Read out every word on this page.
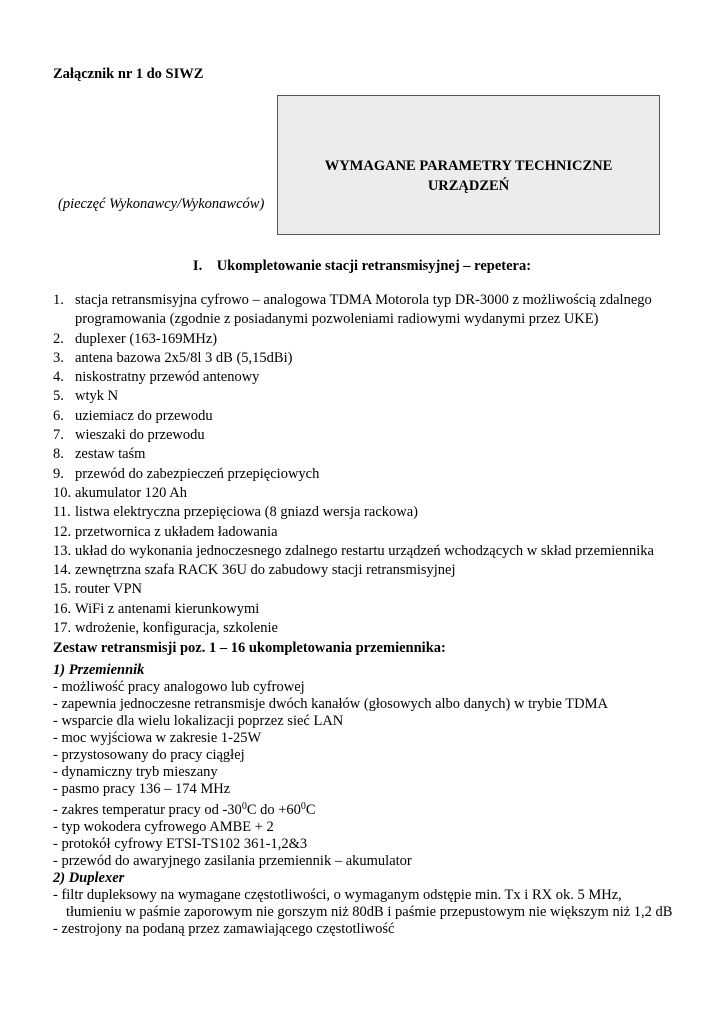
Załącznik nr 1 do SIWZ
(pieczęć Wykonawcy/Wykonawców)
WYMAGANE PARAMETRY TECHNICZNE
URZĄDZEŃ
I. Ukompletowanie stacji retransmisyjnej – repetera:
1. stacja retransmisyjna cyfrowo – analogowa TDMA Motorola typ DR-3000 z możliwością zdalnego
programowania (zgodnie z posiadanymi pozwoleniami radiowymi wydanymi przez UKE)
2. duplexer (163-169MHz)
3. antena bazowa 2x5/8l 3 dB (5,15dBi)
4. niskostratny przewód antenowy
5. wtyk N
6. uziemiacz do przewodu
7. wieszaki do przewodu
8. zestaw taśm
9. przewód do zabezpieczeń przepięciowych
10. akumulator 120 Ah
11. listwa elektryczna przepięciowa (8 gniazd wersja rackowa)
12. przetwornica z układem ładowania
13. układ do wykonania jednoczesnego zdalnego restartu urządzeń wchodzących w skład przemiennika
14. zewnętrzna szafa RACK 36U do zabudowy stacji retransmisyjnej
15. router VPN
16. WiFi z antenami kierunkowymi
17. wdrożenie, konfiguracja, szkolenie
Zestaw retransmisji poz. 1 – 16 ukompletowania przemiennika:
1) Przemiennik
- możliwość pracy analogowo lub cyfrowej
- zapewnia jednoczesne retransmisje dwóch kanałów (głosowych albo danych) w trybie TDMA
- wsparcie dla wielu lokalizacji poprzez sieć LAN
- moc wyjściowa w zakresie 1-25W
- przystosowany do pracy ciągłej
- dynamiczny tryb mieszany
- pasmo pracy 136 – 174 MHz
- zakres temperatur pracy od $-30^0C$ do $+60^0C$
- typ wokodera cyfrowego AMBE + 2
- protokół cyfrowy ETSI-TS102 361-1,2&3
- przewód do awaryjnego zasilania przemiennik – akumulator
2) Duplexer
- filtr dupleksowy na wymagane częstotliwości, o wymaganym odstępie min. Tx i RX ok. 5 MHz,
tłumieniu w paśmie zaporowym nie gorszym niż 80dB i paśmie przepustowym nie większym niż 1,2 dB
- zestrojony na podaną przez zamawiającego częstotliwość
